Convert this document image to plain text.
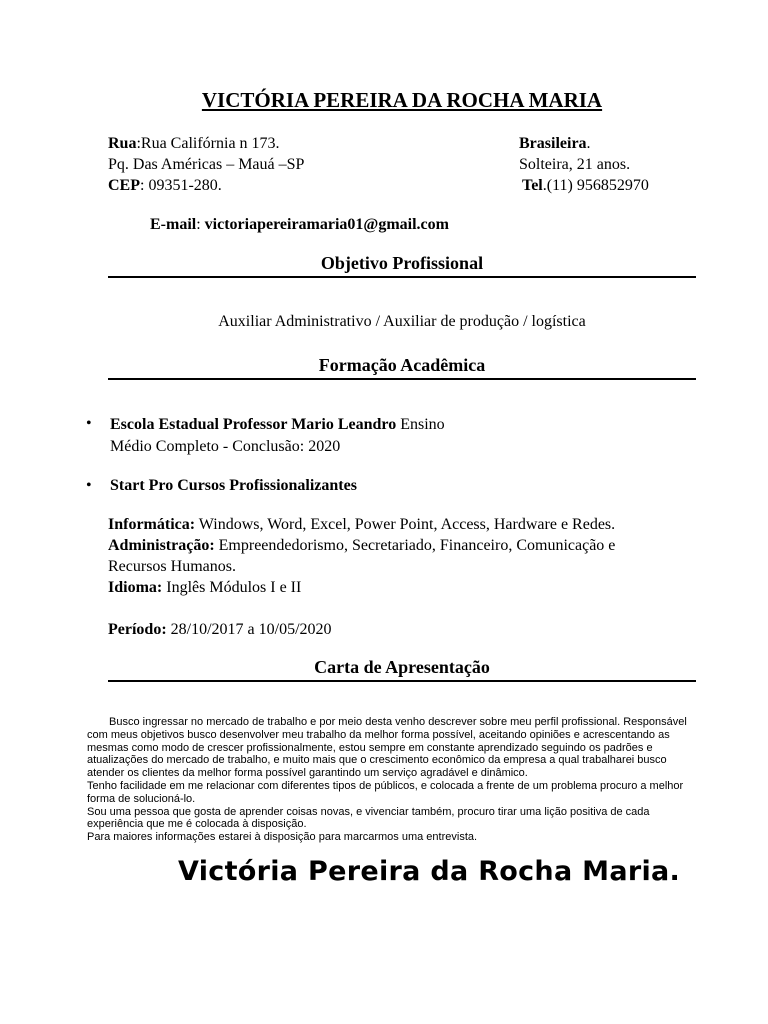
VICTÓRIA PEREIRA DA ROCHA MARIA
Rua:Rua Califórnia n 173.
Pq. Das Américas – Mauá –SP
CEP: 09351-280.
Brasileira.
Solteira, 21 anos.
Tel.(11) 956852970
E-mail: victoriapereiramaria01@gmail.com
Objetivo Profissional
Auxiliar Administrativo / Auxiliar de produção / logística
Formação Acadêmica
• Escola Estadual Professor Mario Leandro Ensino
Médio Completo - Conclusão: 2020
• Start Pro Cursos Profissionalizantes
Informática: Windows, Word, Excel, Power Point, Access, Hardware e Redes.
Administração: Empreendedorismo, Secretariado, Financeiro, Comunicação e
Recursos Humanos.
Idioma: Inglês Módulos I e II
Período: 28/10/2017 a 10/05/2020
Carta de Apresentação

Busco ingressar no mercado de trabalho e por meio desta venho descrever sobre meu perfil profissional. Responsável com meus objetivos busco desenvolver meu trabalho da melhor forma possível, aceitando opiniões e acrescentando as mesmas como modo de crescer profissionalmente, estou sempre em constante aprendizado seguindo os padrões e atualizações do mercado de trabalho, e muito mais que o crescimento econômico da empresa a qual trabalharei busco atender os clientes da melhor forma possível garantindo um serviço agradável e dinâmico.

Tenho facilidade em me relacionar com diferentes tipos de públicos, e colocada a frente de um problema procuro a melhor forma de solucioná-lo.

Sou uma pessoa que gosta de aprender coisas novas, e vivenciar também, procuro tirar uma lição positiva de cada experiência que me é colocada à disposição.

Para maiores informações estarei à disposição para marcarmos uma entrevista.

Victória Pereira da Rocha Maria.
